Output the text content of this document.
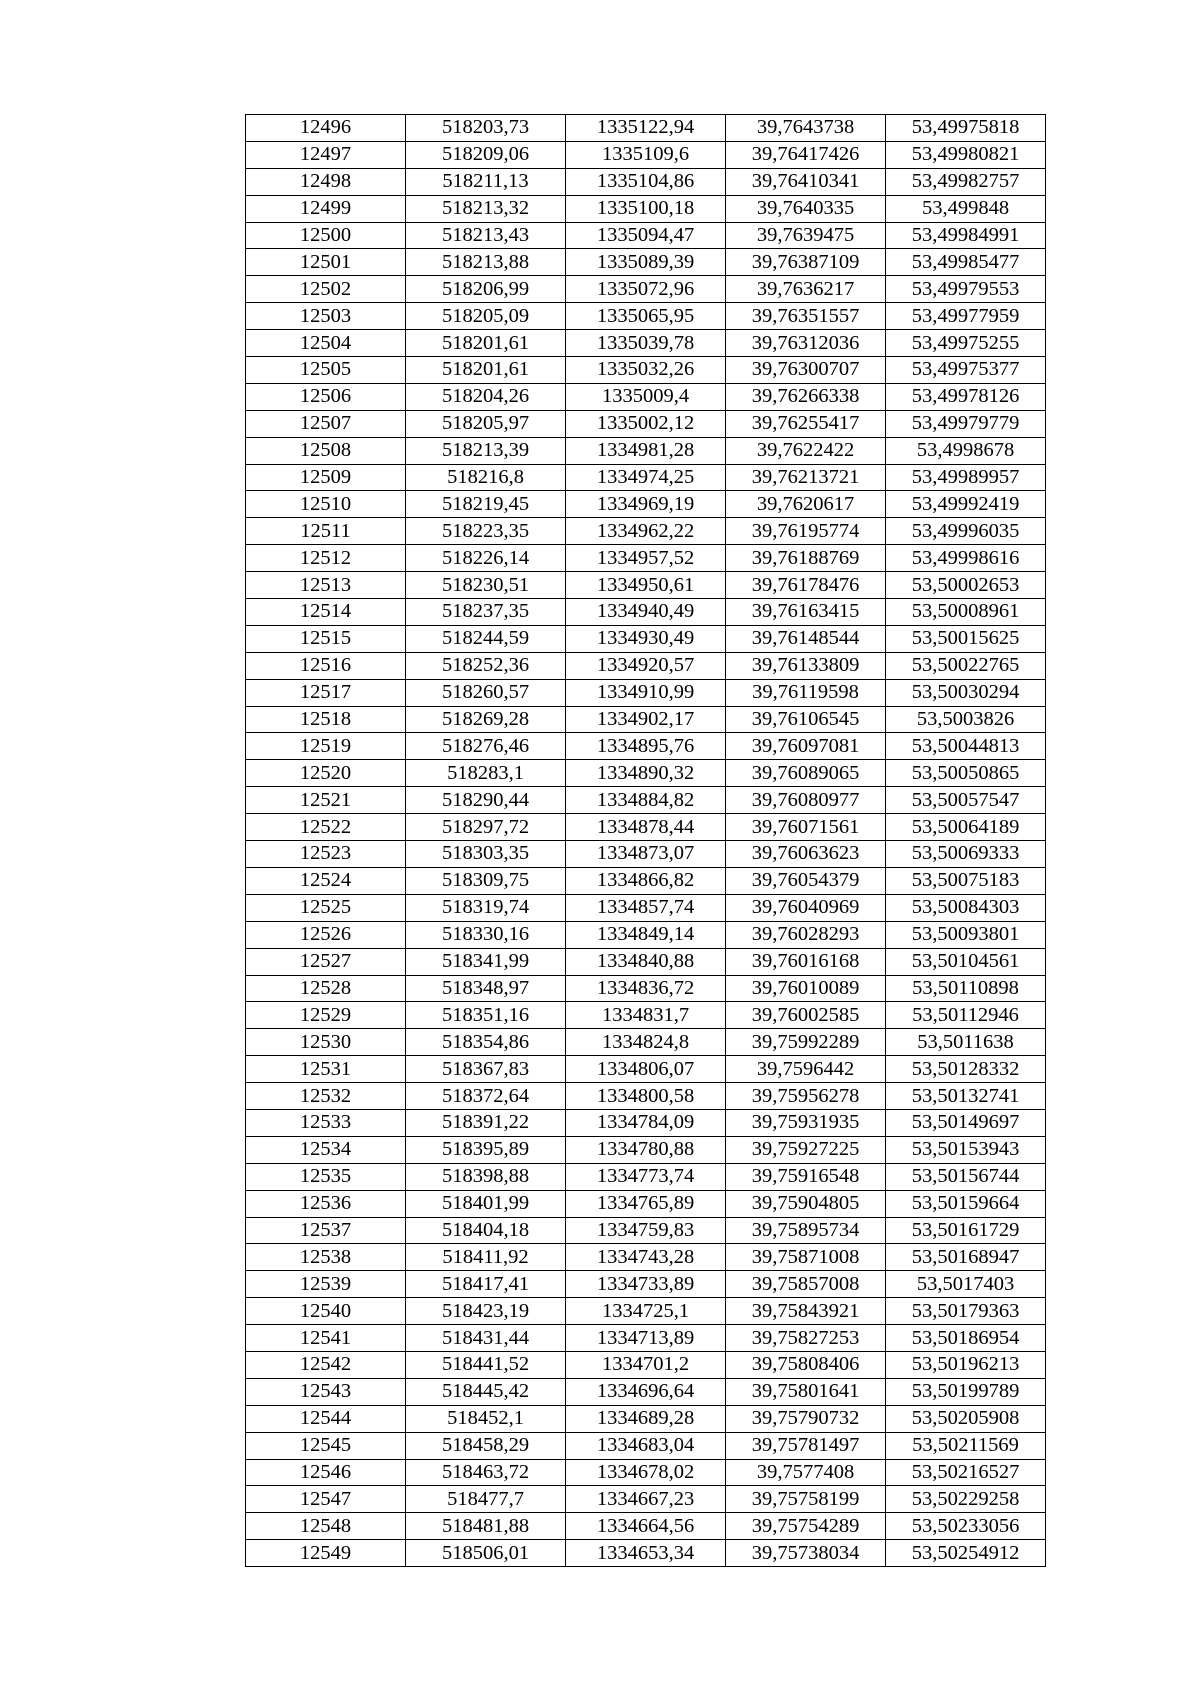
12496	518203,73	1335122,94	39,7643738	53,49975818
12497	518209,06	1335109,6	39,76417426	53,49980821
12498	518211,13	1335104,86	39,76410341	53,49982757
12499	518213,32	1335100,18	39,7640335	53,499848
12500	518213,43	1335094,47	39,7639475	53,49984991
12501	518213,88	1335089,39	39,76387109	53,49985477
12502	518206,99	1335072,96	39,7636217	53,49979553
12503	518205,09	1335065,95	39,76351557	53,49977959
12504	518201,61	1335039,78	39,76312036	53,49975255
12505	518201,61	1335032,26	39,76300707	53,49975377
12506	518204,26	1335009,4	39,76266338	53,49978126
12507	518205,97	1335002,12	39,76255417	53,49979779
12508	518213,39	1334981,28	39,7622422	53,4998678
12509	518216,8	1334974,25	39,76213721	53,49989957
12510	518219,45	1334969,19	39,7620617	53,49992419
12511	518223,35	1334962,22	39,76195774	53,49996035
12512	518226,14	1334957,52	39,76188769	53,49998616
12513	518230,51	1334950,61	39,76178476	53,50002653
12514	518237,35	1334940,49	39,76163415	53,50008961
12515	518244,59	1334930,49	39,76148544	53,50015625
12516	518252,36	1334920,57	39,76133809	53,50022765
12517	518260,57	1334910,99	39,76119598	53,50030294
12518	518269,28	1334902,17	39,76106545	53,5003826
12519	518276,46	1334895,76	39,76097081	53,50044813
12520	518283,1	1334890,32	39,76089065	53,50050865
12521	518290,44	1334884,82	39,76080977	53,50057547
12522	518297,72	1334878,44	39,76071561	53,50064189
12523	518303,35	1334873,07	39,76063623	53,50069333
12524	518309,75	1334866,82	39,76054379	53,50075183
12525	518319,74	1334857,74	39,76040969	53,50084303
12526	518330,16	1334849,14	39,76028293	53,50093801
12527	518341,99	1334840,88	39,76016168	53,50104561
12528	518348,97	1334836,72	39,76010089	53,50110898
12529	518351,16	1334831,7	39,76002585	53,50112946
12530	518354,86	1334824,8	39,75992289	53,5011638
12531	518367,83	1334806,07	39,7596442	53,50128332
12532	518372,64	1334800,58	39,75956278	53,50132741
12533	518391,22	1334784,09	39,75931935	53,50149697
12534	518395,89	1334780,88	39,75927225	53,50153943
12535	518398,88	1334773,74	39,75916548	53,50156744
12536	518401,99	1334765,89	39,75904805	53,50159664
12537	518404,18	1334759,83	39,75895734	53,50161729
12538	518411,92	1334743,28	39,75871008	53,50168947
12539	518417,41	1334733,89	39,75857008	53,5017403
12540	518423,19	1334725,1	39,75843921	53,50179363
12541	518431,44	1334713,89	39,75827253	53,50186954
12542	518441,52	1334701,2	39,75808406	53,50196213
12543	518445,42	1334696,64	39,75801641	53,50199789
12544	518452,1	1334689,28	39,75790732	53,50205908
12545	518458,29	1334683,04	39,75781497	53,50211569
12546	518463,72	1334678,02	39,7577408	53,50216527
12547	518477,7	1334667,23	39,75758199	53,50229258
12548	518481,88	1334664,56	39,75754289	53,50233056
12549	518506,01	1334653,34	39,75738034	53,50254912
